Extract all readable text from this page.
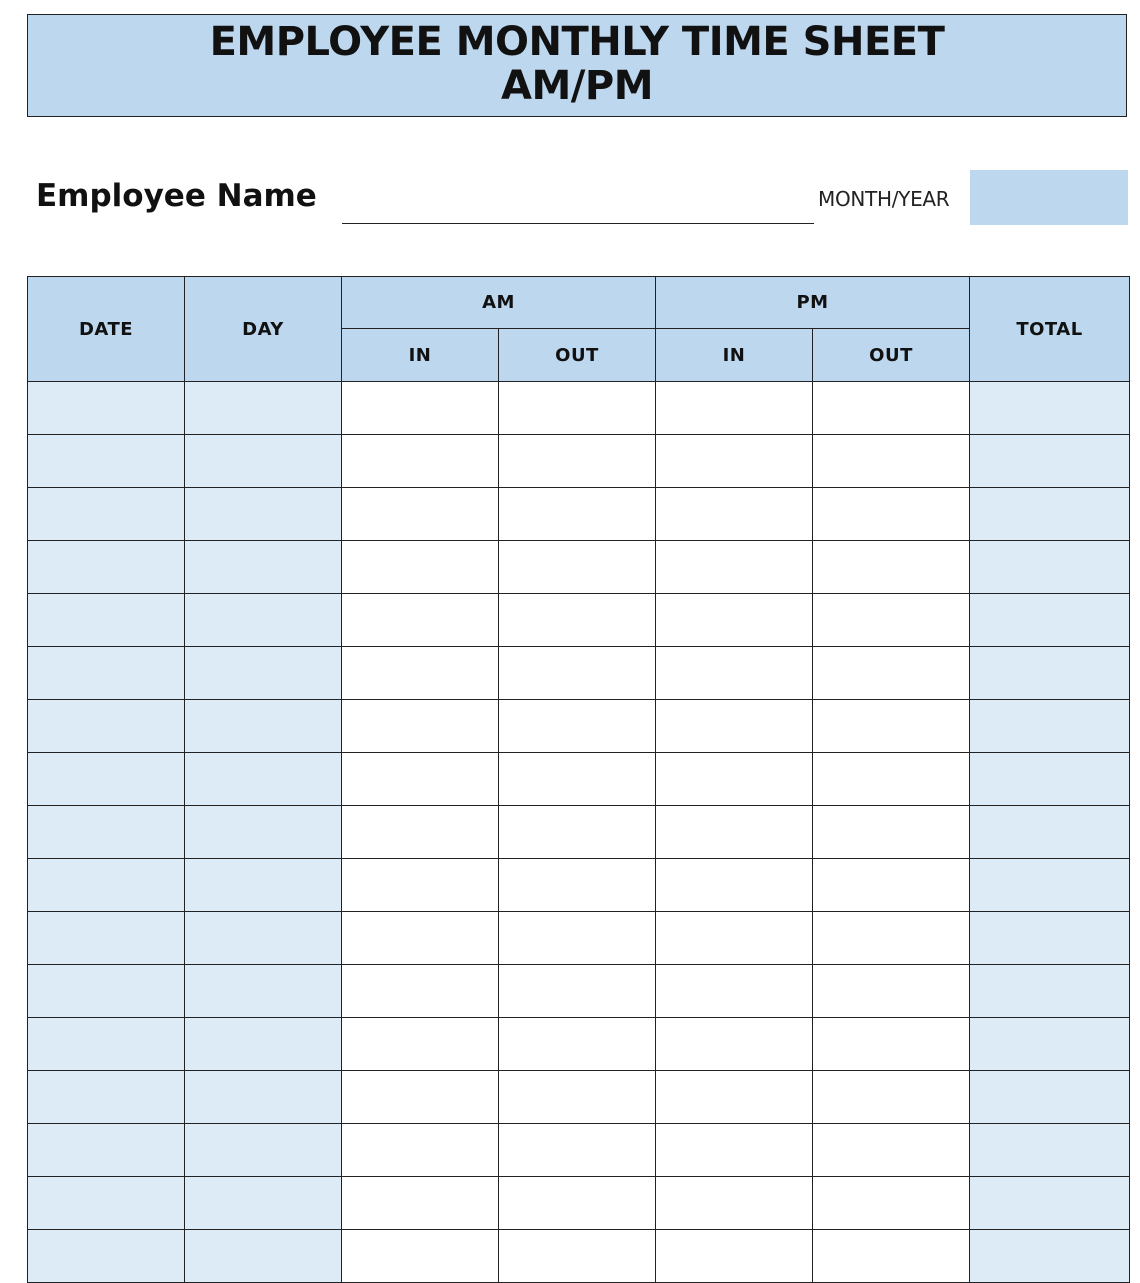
EMPLOYEE MONTHLY TIME SHEET
AM/PM
Employee Name	MONTH/YEAR
DATE	DAY	AM		PM		TOTAL
		IN	OUT	IN	OUT	
